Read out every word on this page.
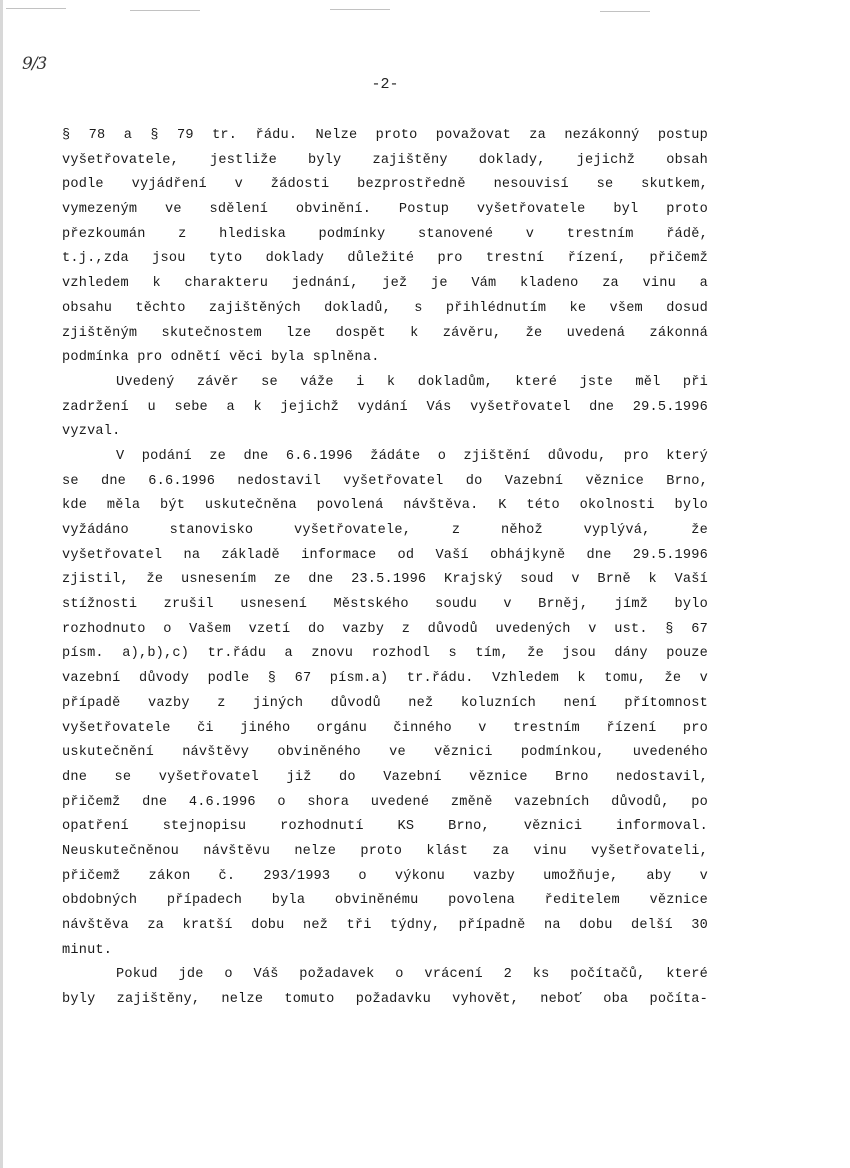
9/3
-2-
§ 78 a § 79 tr. řádu. Nelze proto považovat za nezákonný postup
vyšetřovatele, jestliže byly zajištěny doklady, jejichž obsah
podle vyjádření v žádosti bezprostředně nesouvisí se skutkem,
vymezeným ve sdělení obvinění. Postup vyšetřovatele byl proto
přezkoumán z hlediska podmínky stanovené v trestním řádě,
t.j.,zda jsou tyto doklady důležité pro trestní řízení, přičemž
vzhledem k charakteru jednání, jež je Vám kladeno za vinu a
obsahu těchto zajištěných dokladů, s přihlédnutím ke všem dosud
zjištěným skutečnostem lze dospět k závěru, že uvedená zákonná
podmínka pro odnětí věci byla splněna.
Uvedený závěr se váže i k dokladům, které jste měl při
zadržení u sebe a k jejichž vydání Vás vyšetřovatel dne 29.5.1996
vyzval.
V podání ze dne 6.6.1996 žádáte o zjištění důvodu, pro který
se dne 6.6.1996 nedostavil vyšetřovatel do Vazební věznice Brno,
kde měla být uskutečněna povolená návštěva. K této okolnosti bylo
vyžádáno stanovisko vyšetřovatele, z něhož vyplývá, že
vyšetřovatel na základě informace od Vaší obhájkyně dne 29.5.1996
zjistil, že usnesením ze dne 23.5.1996 Krajský soud v Brně k Vaší
stížnosti zrušil usnesení Městského soudu v Brněj, jímž bylo
rozhodnuto o Vašem vzetí do vazby z důvodů uvedených v ust. § 67
písm. a),b),c) tr.řádu a znovu rozhodl s tím, že jsou dány pouze
vazební důvody podle § 67 písm.a) tr.řádu. Vzhledem k tomu, že v
případě vazby z jiných důvodů než koluzních není přítomnost
vyšetřovatele či jiného orgánu činného v trestním řízení pro
uskutečnění návštěvy obviněného ve věznici podmínkou, uvedeného
dne se vyšetřovatel již do Vazební věznice Brno nedostavil,
přičemž dne 4.6.1996 o shora uvedené změně vazebních důvodů, po
opatření stejnopisu rozhodnutí KS Brno, věznici informoval.
Neuskutečněnou návštěvu nelze proto klást za vinu vyšetřovateli,
přičemž zákon č. 293/1993 o výkonu vazby umožňuje, aby v
obdobných případech byla obviněnému povolena ředitelem věznice
návštěva za kratší dobu než tři týdny, případně na dobu delší 30
minut.
Pokud jde o Váš požadavek o vrácení 2 ks počítačů, které
byly zajištěny, nelze tomuto požadavku vyhovět, neboť oba počíta-
